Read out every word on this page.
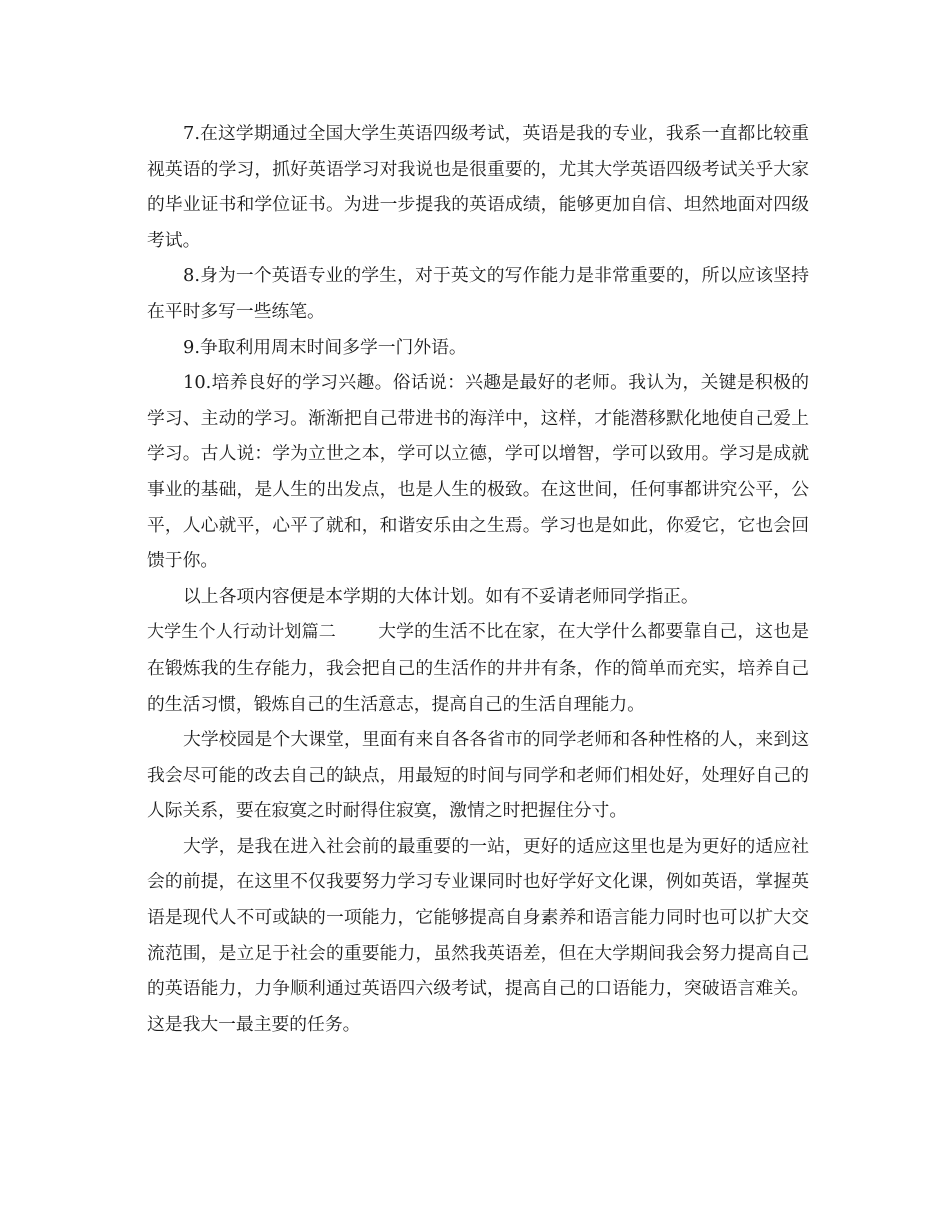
7.在这学期通过全国大学生英语四级考试，英语是我的专业，我系一直都比较重视英语的学习，抓好英语学习对我说也是很重要的，尤其大学英语四级考试关乎大家的毕业证书和学位证书。为进一步提我的英语成绩，能够更加自信、坦然地面对四级考试。

8.身为一个英语专业的学生，对于英文的写作能力是非常重要的，所以应该坚持在平时多写一些练笔。

9.争取利用周末时间多学一门外语。

10.培养良好的学习兴趣。俗话说：兴趣是最好的老师。我认为，关键是积极的学习、主动的学习。渐渐把自己带进书的海洋中，这样，才能潜移默化地使自己爱上学习。古人说：学为立世之本，学可以立德，学可以增智，学可以致用。学习是成就事业的基础，是人生的出发点，也是人生的极致。在这世间，任何事都讲究公平，公平，人心就平，心平了就和，和谐安乐由之生焉。学习也是如此，你爱它，它也会回馈于你。

以上各项内容便是本学期的大体计划。如有不妥请老师同学指正。

大学生个人行动计划篇二 大学的生活不比在家，在大学什么都要靠自己，这也是在锻炼我的生存能力，我会把自己的生活作的井井有条，作的简单而充实，培养自己的生活习惯，锻炼自己的生活意志，提高自己的生活自理能力。

大学校园是个大课堂，里面有来自各各省市的同学老师和各种性格的人，来到这我会尽可能的改去自己的缺点，用最短的时间与同学和老师们相处好，处理好自己的人际关系，要在寂寞之时耐得住寂寞，激情之时把握住分寸。

大学，是我在进入社会前的最重要的一站，更好的适应这里也是为更好的适应社会的前提，在这里不仅我要努力学习专业课同时也好学好文化课，例如英语，掌握英语是现代人不可或缺的一项能力，它能够提高自身素养和语言能力同时也可以扩大交流范围，是立足于社会的重要能力，虽然我英语差，但在大学期间我会努力提高自己的英语能力，力争顺利通过英语四六级考试，提高自己的口语能力，突破语言难关。这是我大一最主要的任务。
